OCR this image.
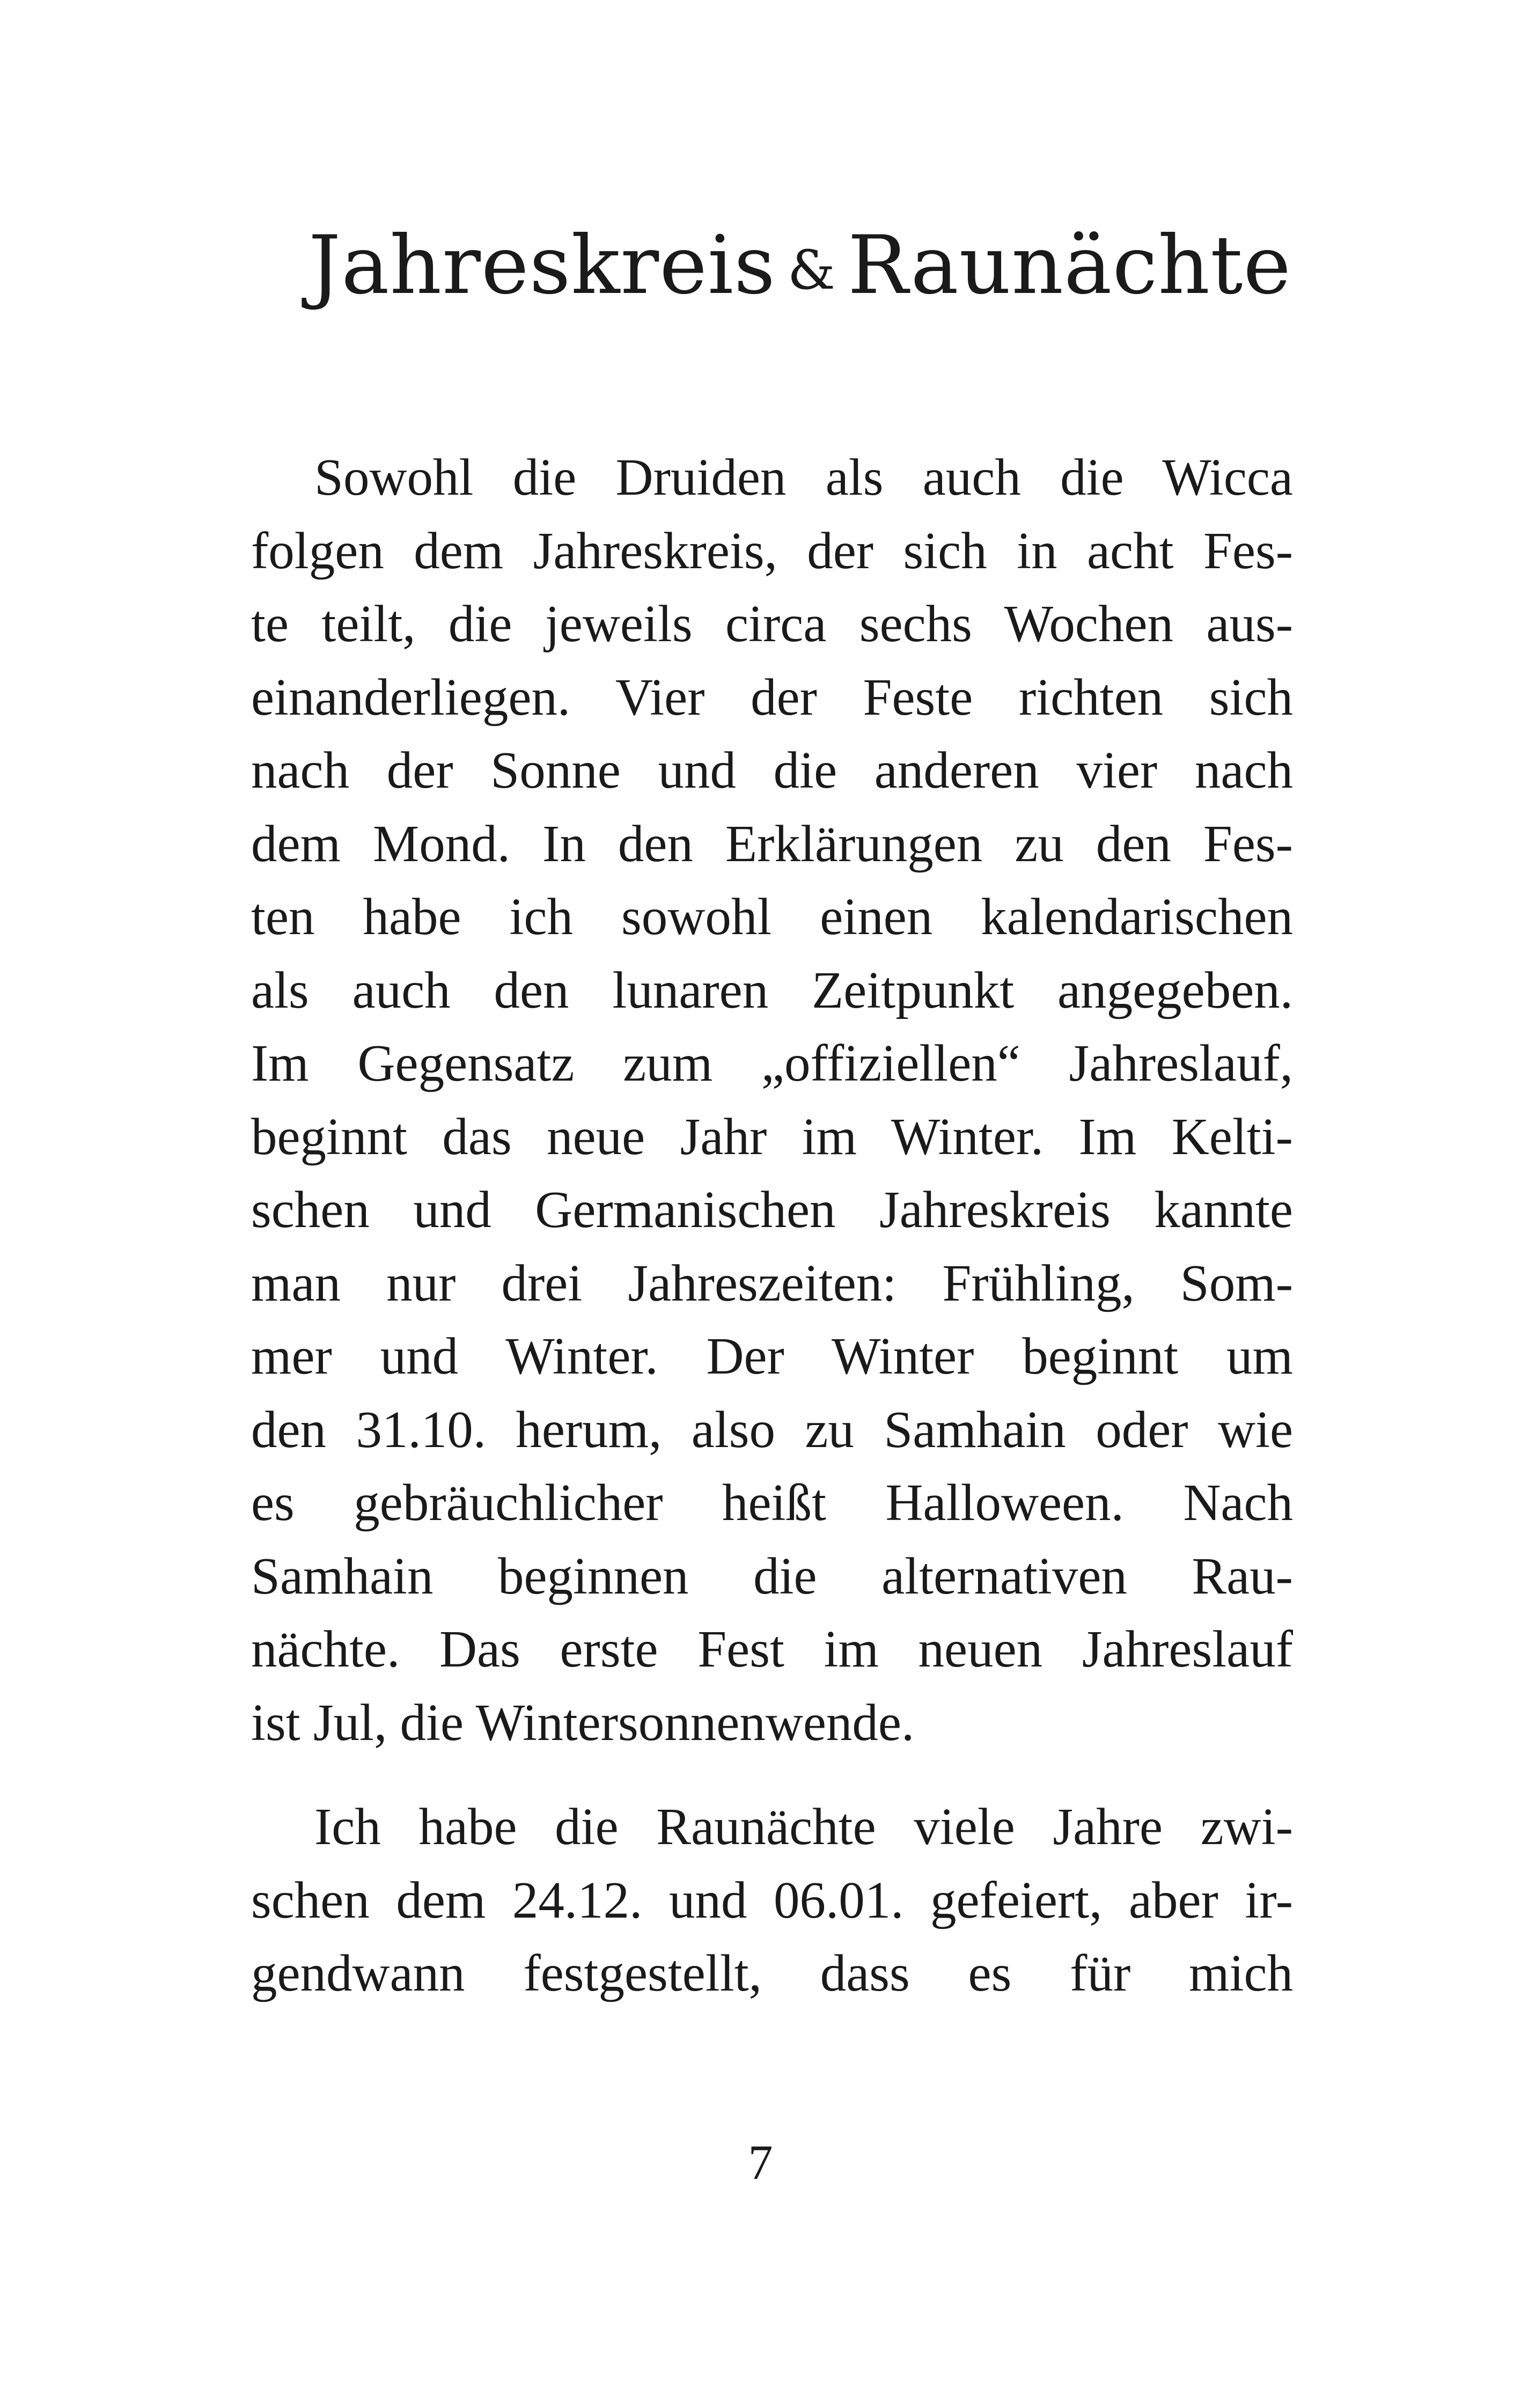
Jahreskreis & Raunächte

Sowohl die Druiden als auch die Wicca
folgen dem Jahreskreis, der sich in acht Fes-
te teilt, die jeweils circa sechs Wochen aus-
einanderliegen. Vier der Feste richten sich
nach der Sonne und die anderen vier nach
dem Mond. In den Erklärungen zu den Fes-
ten habe ich sowohl einen kalendarischen
als auch den lunaren Zeitpunkt angegeben.
Im Gegensatz zum „offiziellen“ Jahreslauf,
beginnt das neue Jahr im Winter. Im Kelti-
schen und Germanischen Jahreskreis kannte
man nur drei Jahreszeiten: Frühling, Som-
mer und Winter. Der Winter beginnt um
den 31.10. herum, also zu Samhain oder wie
es gebräuchlicher heißt Halloween. Nach
Samhain beginnen die alternativen Rau-
nächte. Das erste Fest im neuen Jahreslauf
ist Jul, die Wintersonnenwende.

Ich habe die Raunächte viele Jahre zwi-
schen dem 24.12. und 06.01. gefeiert, aber ir-
gendwann festgestellt, dass es für mich

7
